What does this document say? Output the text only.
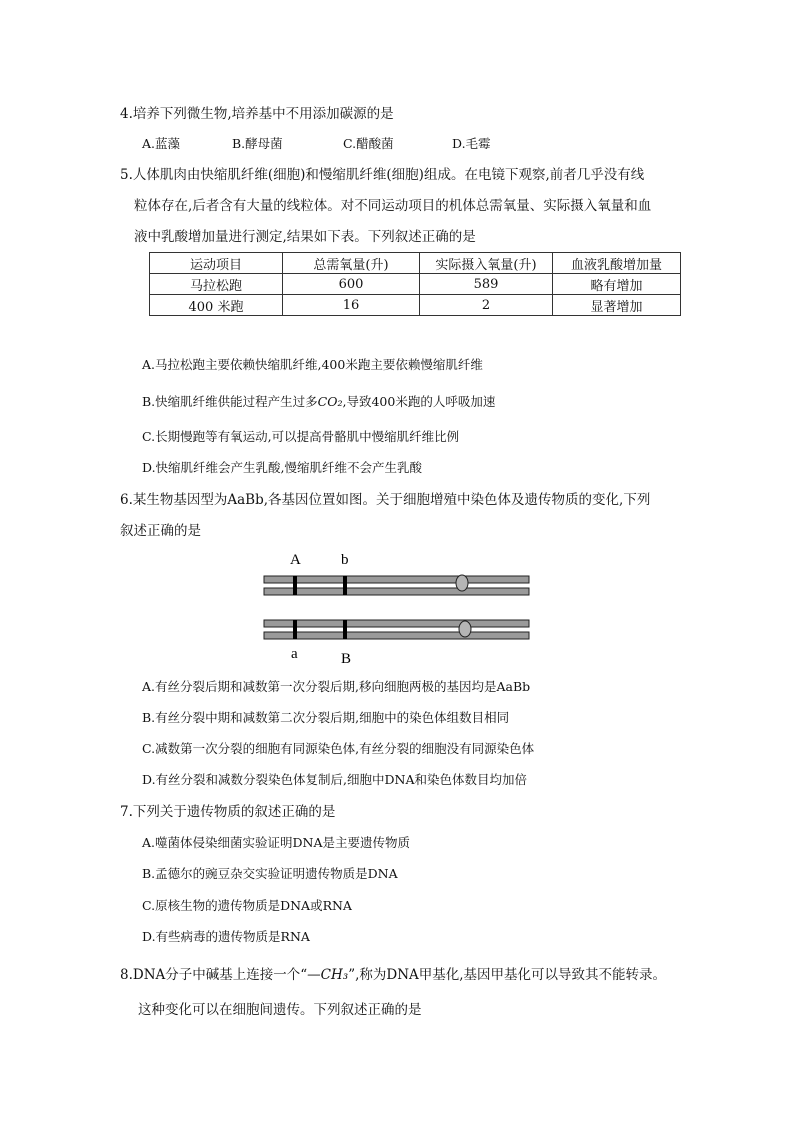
4.培养下列微生物,培养基中不用添加碳源的是
A.蓝藻	B.酵母菌	C.醋酸菌	D.毛霉
5.人体肌肉由快缩肌纤维(细胞)和慢缩肌纤维(细胞)组成。在电镜下观察,前者几乎没有线
粒体存在,后者含有大量的线粒体。对不同运动项目的机体总需氧量、实际摄入氧量和血
液中乳酸增加量进行测定,结果如下表。下列叙述正确的是
运动项目	总需氧量(升)	实际摄入氧量(升)	血液乳酸增加量
马拉松跑	600	589	略有增加
400 米跑	16	2	显著增加
A.马拉松跑主要依赖快缩肌纤维,400米跑主要依赖慢缩肌纤维
B.快缩肌纤维供能过程产生过多CO₂,导致400米跑的人呼吸加速
C.长期慢跑等有氧运动,可以提高骨骼肌中慢缩肌纤维比例
D.快缩肌纤维会产生乳酸,慢缩肌纤维不会产生乳酸
6.某生物基因型为AaBb,各基因位置如图。关于细胞增殖中染色体及遗传物质的变化,下列
叙述正确的是
A	b
a	B
A.有丝分裂后期和减数第一次分裂后期,移向细胞两极的基因均是AaBb
B.有丝分裂中期和减数第二次分裂后期,细胞中的染色体组数目相同
C.减数第一次分裂的细胞有同源染色体,有丝分裂的细胞没有同源染色体
D.有丝分裂和减数分裂染色体复制后,细胞中DNA和染色体数目均加倍
7.下列关于遗传物质的叙述正确的是
A.噬菌体侵染细菌实验证明DNA是主要遗传物质
B.孟德尔的豌豆杂交实验证明遗传物质是DNA
C.原核生物的遗传物质是DNA或RNA
D.有些病毒的遗传物质是RNA
8.DNA分子中碱基上连接一个“—CH₃”,称为DNA甲基化,基因甲基化可以导致其不能转录。
这种变化可以在细胞间遗传。下列叙述正确的是
